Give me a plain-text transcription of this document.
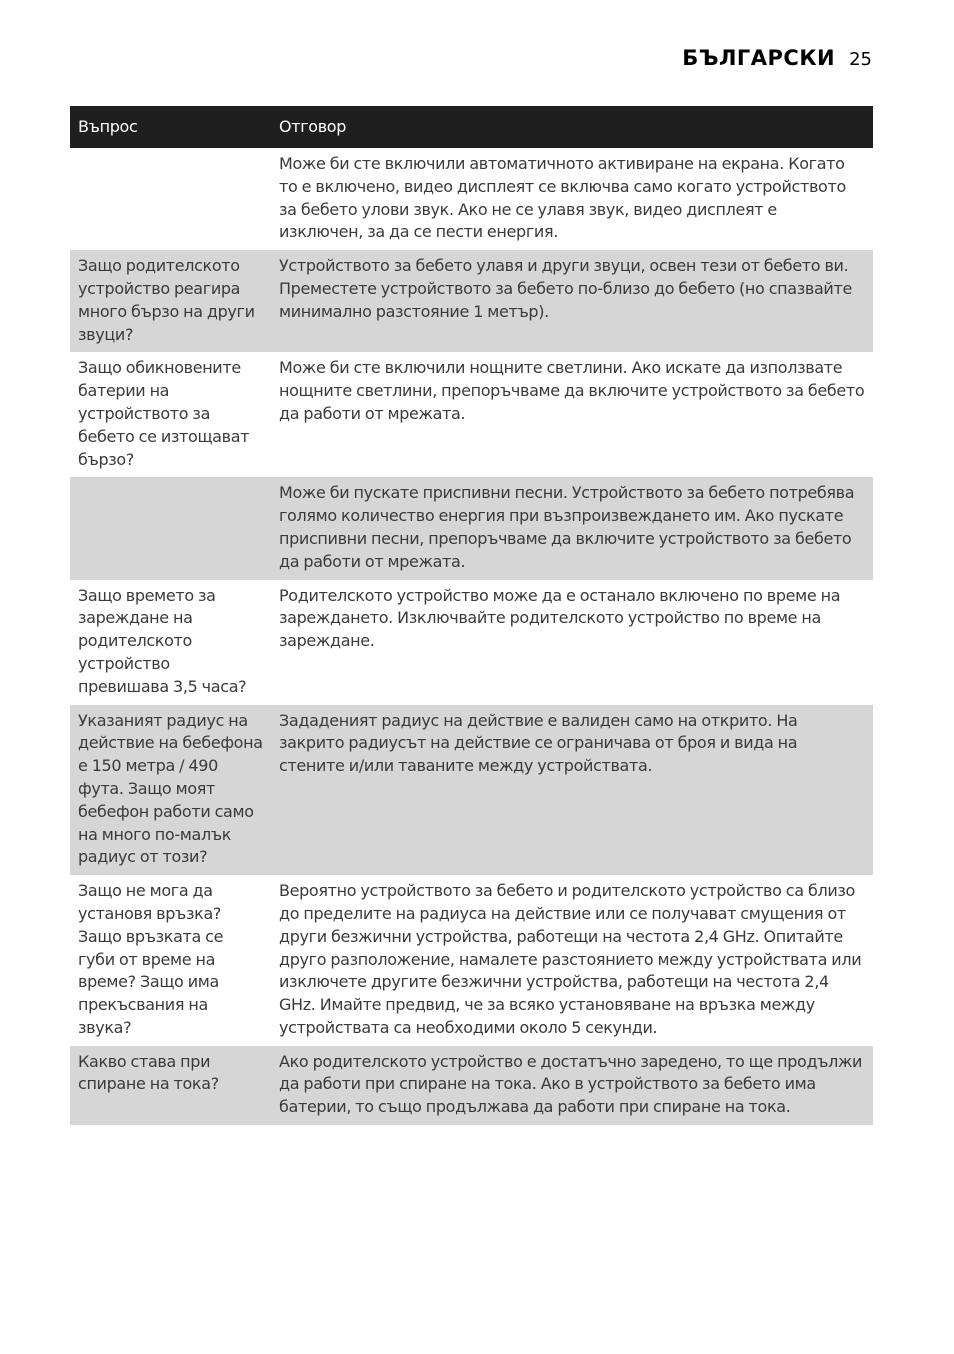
БЪЛГАРСКИ 25
Въпрос	Отговор
	Може би сте включили автоматичното активиране на екрана. Когато то е включено, видео дисплеят се включва само когато устройството за бебето улови звук. Ако не се улавя звук, видео дисплеят е изключен, за да се пести енергия.
Защо родителското устройство реагира много бързо на други звуци?	Устройството за бебето улавя и други звуци, освен тези от бебето ви. Преместете устройството за бебето по-близо до бебето (но спазвайте минимално разстояние 1 метър).
Защо обикновените батерии на устройството за бебето се изтощават бързо?	Може би сте включили нощните светлини. Ако искате да използвате нощните светлини, препоръчваме да включите устройството за бебето да работи от мрежата.
	Може би пускате приспивни песни. Устройството за бебето потребява голямо количество енергия при възпроизвеждането им. Ако пускате приспивни песни, препоръчваме да включите устройството за бебето да работи от мрежата.
Защо времето за зареждане на родителското устройство превишава 3,5 часа?	Родителското устройство може да е останало включено по време на зареждането. Изключвайте родителското устройство по време на зареждане.
Указаният радиус на действие на бебефона е 150 метра / 490 фута. Защо моят бебефон работи само на много по-малък радиус от този?	Зададеният радиус на действие е валиден само на открито. На закрито радиусът на действие се ограничава от броя и вида на стените и/или таваните между устройствата.
Защо не мога да установя връзка? Защо връзката се губи от време на време? Защо има прекъсвания на звука?	Вероятно устройството за бебето и родителското устройство са близо до пределите на радиуса на действие или се получават смущения от други безжични устройства, работещи на честота 2,4 GHz. Опитайте друго разположение, намалете разстоянието между устройствата или изключете другите безжични устройства, работещи на честота 2,4 GHz. Имайте предвид, че за всяко установяване на връзка между устройствата са необходими около 5 секунди.
Какво става при спиране на тока?	Ако родителското устройство е достатъчно заредено, то ще продължи да работи при спиране на тока. Ако в устройството за бебето има батерии, то също продължава да работи при спиране на тока.
